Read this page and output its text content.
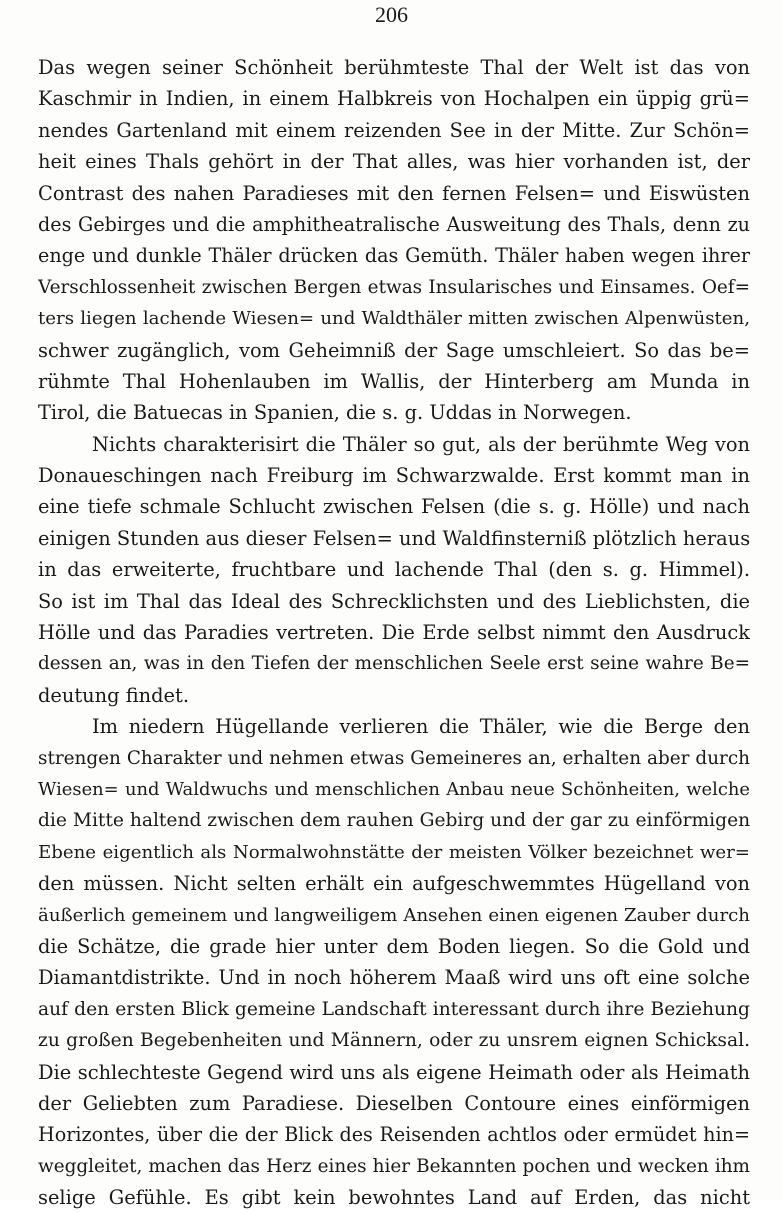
206
Das wegen seiner Schönheit berühmteste Thal der Welt ist das von
Kaschmir in Indien, in einem Halbkreis von Hochalpen ein üppig grü=
nendes Gartenland mit einem reizenden See in der Mitte. Zur Schön=
heit eines Thals gehört in der That alles, was hier vorhanden ist, der
Contrast des nahen Paradieses mit den fernen Felsen= und Eiswüsten
des Gebirges und die amphitheatralische Ausweitung des Thals, denn zu
enge und dunkle Thäler drücken das Gemüth. Thäler haben wegen ihrer
Verschlossenheit zwischen Bergen etwas Insularisches und Einsames. Oef=
ters liegen lachende Wiesen= und Waldthäler mitten zwischen Alpenwüsten,
schwer zugänglich, vom Geheimniß der Sage umschleiert. So das be=
rühmte Thal Hohenlauben im Wallis, der Hinterberg am Munda in
Tirol, die Batuecas in Spanien, die s. g. Uddas in Norwegen.
Nichts charakterisirt die Thäler so gut, als der berühmte Weg von
Donaueschingen nach Freiburg im Schwarzwalde. Erst kommt man in
eine tiefe schmale Schlucht zwischen Felsen (die s. g. Hölle) und nach
einigen Stunden aus dieser Felsen= und Waldfinsterniß plötzlich heraus
in das erweiterte, fruchtbare und lachende Thal (den s. g. Himmel).
So ist im Thal das Ideal des Schrecklichsten und des Lieblichsten, die
Hölle und das Paradies vertreten. Die Erde selbst nimmt den Ausdruck
dessen an, was in den Tiefen der menschlichen Seele erst seine wahre Be=
deutung findet.
Im niedern Hügellande verlieren die Thäler, wie die Berge den
strengen Charakter und nehmen etwas Gemeineres an, erhalten aber durch
Wiesen= und Waldwuchs und menschlichen Anbau neue Schönheiten, welche
die Mitte haltend zwischen dem rauhen Gebirg und der gar zu einförmigen
Ebene eigentlich als Normalwohnstätte der meisten Völker bezeichnet wer=
den müssen. Nicht selten erhält ein aufgeschwemmtes Hügelland von
äußerlich gemeinem und langweiligem Ansehen einen eigenen Zauber durch
die Schätze, die grade hier unter dem Boden liegen. So die Gold und
Diamantdistrikte. Und in noch höherem Maaß wird uns oft eine solche
auf den ersten Blick gemeine Landschaft interessant durch ihre Beziehung
zu großen Begebenheiten und Männern, oder zu unsrem eignen Schicksal.
Die schlechteste Gegend wird uns als eigene Heimath oder als Heimath
der Geliebten zum Paradiese. Dieselben Contoure eines einförmigen
Horizontes, über die der Blick des Reisenden achtlos oder ermüdet hin=
weggleitet, machen das Herz eines hier Bekannten pochen und wecken ihm
selige Gefühle. Es gibt kein bewohntes Land auf Erden, das nicht
